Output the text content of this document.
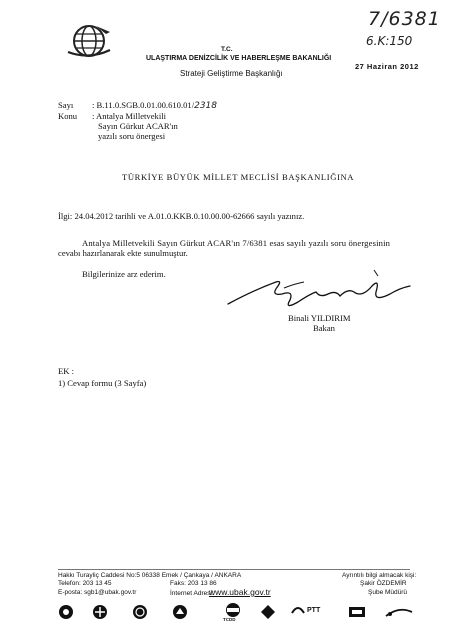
7/6381
6.K:150
T.C.
ULAŞTIRMA DENİZCİLİK VE HABERLEŞME BAKANLIĞI
Strateji Geliştirme Başkanlığı
27 Haziran 2012
Sayı : B.11.0.SGB.0.01.00.610.01/2318
Konu : Antalya Milletvekili
Sayın Gürkut ACAR'ın
yazılı soru önergesi
TÜRKİYE BÜYÜK MİLLET MECLİSİ BAŞKANLIĞINA
İlgi: 24.04.2012 tarihli ve A.01.0.KKB.0.10.00.00-62666 sayılı yazınız.
Antalya Milletvekili Sayın Gürkut ACAR'ın 7/6381 esas sayılı yazılı soru önergesinin
cevabı hazırlanarak ekte sunulmuştur.
Bilgilerinize arz ederim.
Binali YILDIRIM
Bakan
EK :
1) Cevap formu (3 Sayfa)
Hakkı Turayliç Caddesi No:5 06338 Emek / Çankaya / ANKARA
Telefon: 203 13 45	Faks: 203 13 86
E-posta: sgb1@ubak.gov.tr	İnternet Adresi:
www.ubak.gov.tr
Ayrıntılı bilgi almacak kişi:
Şakir ÖZDEMİR
Şube Müdürü
TCDD
PTT
